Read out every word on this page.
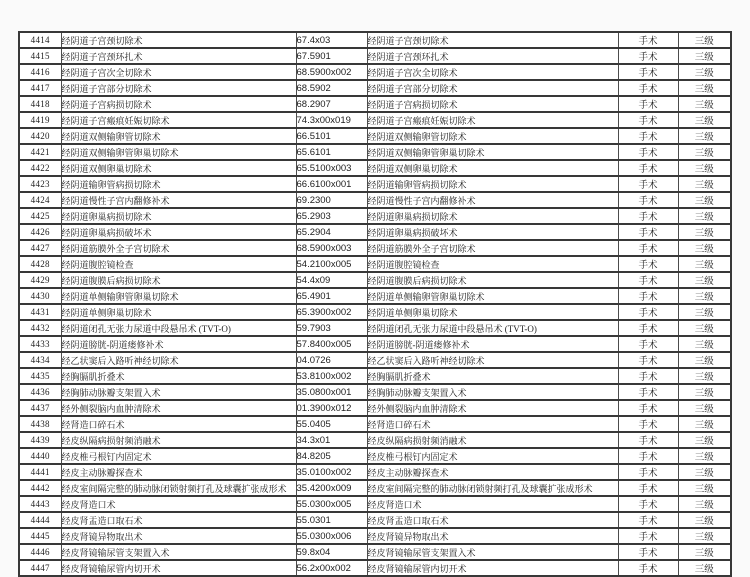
4414	经阴道子宫颈切除术	67.4x03	经阴道子宫颈切除术	手术	三级
4415	经阴道子宫颈环扎术	67.5901	经阴道子宫颈环扎术	手术	三级
4416	经阴道子宫次全切除术	68.5900x002	经阴道子宫次全切除术	手术	三级
4417	经阴道子宫部分切除术	68.5902	经阴道子宫部分切除术	手术	三级
4418	经阴道子宫病损切除术	68.2907	经阴道子宫病损切除术	手术	三级
4419	经阴道子宫瘢痕妊娠切除术	74.3x00x019	经阴道子宫瘢痕妊娠切除术	手术	三级
4420	经阴道双侧输卵管切除术	66.5101	经阴道双侧输卵管切除术	手术	三级
4421	经阴道双侧输卵管卵巢切除术	65.6101	经阴道双侧输卵管卵巢切除术	手术	三级
4422	经阴道双侧卵巢切除术	65.5100x003	经阴道双侧卵巢切除术	手术	三级
4423	经阴道输卵管病损切除术	66.6100x001	经阴道输卵管病损切除术	手术	三级
4424	经阴道慢性子宫内翻修补术	69.2300	经阴道慢性子宫内翻修补术	手术	三级
4425	经阴道卵巢病损切除术	65.2903	经阴道卵巢病损切除术	手术	三级
4426	经阴道卵巢病损破坏术	65.2904	经阴道卵巢病损破坏术	手术	三级
4427	经阴道筋膜外全子宫切除术	68.5900x003	经阴道筋膜外全子宫切除术	手术	三级
4428	经阴道腹腔镜检查	54.2100x005	经阴道腹腔镜检查	手术	三级
4429	经阴道腹膜后病损切除术	54.4x09	经阴道腹膜后病损切除术	手术	三级
4430	经阴道单侧输卵管卵巢切除术	65.4901	经阴道单侧输卵管卵巢切除术	手术	三级
4431	经阴道单侧卵巢切除术	65.3900x002	经阴道单侧卵巢切除术	手术	三级
4432	经阴道闭孔无张力尿道中段悬吊术 (TVT-O)	59.7903	经阴道闭孔无张力尿道中段悬吊术 (TVT-O)	手术	三级
4433	经阴道膀胱-阴道瘘修补术	57.8400x005	经阴道膀胱-阴道瘘修补术	手术	三级
4434	经乙状窦后入路听神经切除术	04.0726	经乙状窦后入路听神经切除术	手术	三级
4435	经胸膈肌折叠术	53.8100x002	经胸膈肌折叠术	手术	三级
4436	经胸肺动脉瓣支架置入术	35.0800x001	经胸肺动脉瓣支架置入术	手术	三级
4437	经外侧裂脑内血肿清除术	01.3900x012	经外侧裂脑内血肿清除术	手术	三级
4438	经肾造口碎石术	55.0405	经肾造口碎石术	手术	三级
4439	经皮纵隔病损射频消融术	34.3x01	经皮纵隔病损射频消融术	手术	三级
4440	经皮椎弓根钉内固定术	84.8205	经皮椎弓根钉内固定术	手术	三级
4441	经皮主动脉瓣探查术	35.0100x002	经皮主动脉瓣探查术	手术	三级
4442	经皮室间隔完整的肺动脉闭锁射频打孔及球囊扩张成形术	35.4200x009	经皮室间隔完整的肺动脉闭锁射频打孔及球囊扩张成形术	手术	三级
4443	经皮肾造口术	55.0300x005	经皮肾造口术	手术	三级
4444	经皮肾盂造口取石术	55.0301	经皮肾盂造口取石术	手术	三级
4445	经皮肾镜异物取出术	55.0300x006	经皮肾镜异物取出术	手术	三级
4446	经皮肾镜输尿管支架置入术	59.8x04	经皮肾镜输尿管支架置入术	手术	三级
4447	经皮肾镜输尿管内切开术	56.2x00x002	经皮肾镜输尿管内切开术	手术	三级
